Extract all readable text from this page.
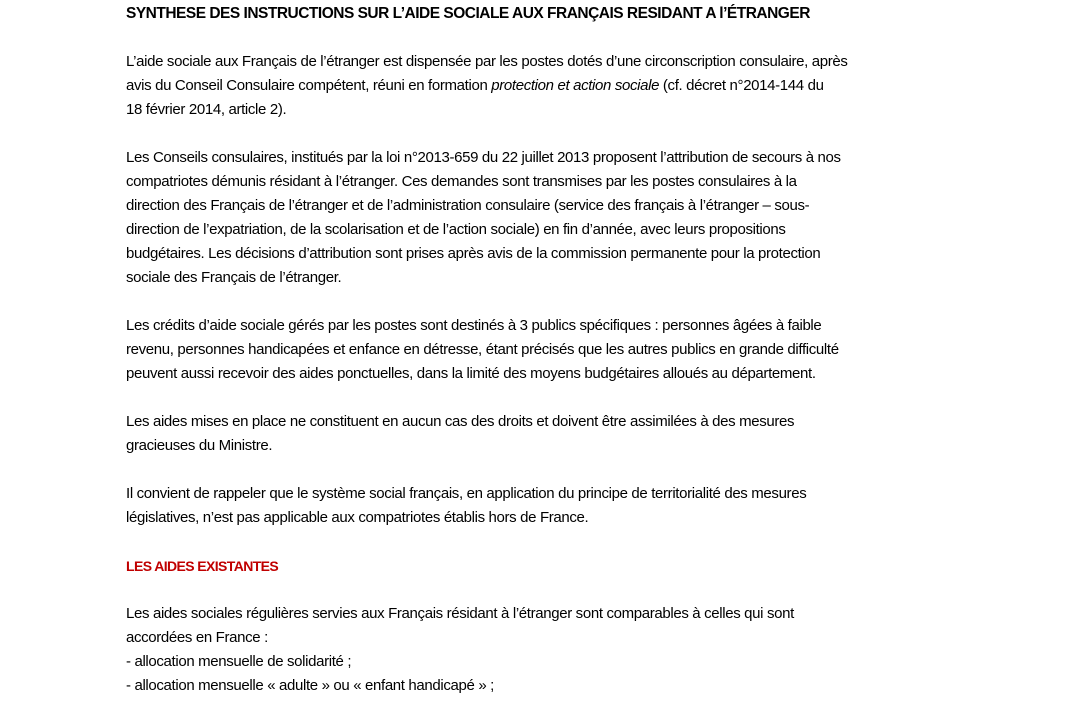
SYNTHESE DES INSTRUCTIONS SUR L’AIDE SOCIALE AUX FRANÇAIS RESIDANT A l’ÉTRANGER
L’aide sociale aux Français de l’étranger est dispensée par les postes dotés d’une circonscription consulaire, après
avis du Conseil Consulaire compétent, réuni en formation protection et action sociale (cf. décret n°2014-144 du
18 février 2014, article 2).
Les Conseils consulaires, institués par la loi n°2013-659 du 22 juillet 2013 proposent l’attribution de secours à nos
compatriotes démunis résidant à l’étranger. Ces demandes sont transmises par les postes consulaires à la
direction des Français de l’étranger et de l’administration consulaire (service des français à l’étranger – sous-
direction de l’expatriation, de la scolarisation et de l’action sociale) en fin d’année, avec leurs propositions
budgétaires. Les décisions d’attribution sont prises après avis de la commission permanente pour la protection
sociale des Français de l’étranger.
Les crédits d’aide sociale gérés par les postes sont destinés à 3 publics spécifiques : personnes âgées à faible
revenu, personnes handicapées et enfance en détresse, étant précisés que les autres publics en grande difficulté
peuvent aussi recevoir des aides ponctuelles, dans la limité des moyens budgétaires alloués au département.
Les aides mises en place ne constituent en aucun cas des droits et doivent être assimilées à des mesures
gracieuses du Ministre.
Il convient de rappeler que le système social français, en application du principe de territorialité des mesures
législatives, n’est pas applicable aux compatriotes établis hors de France.
LES AIDES EXISTANTES
Les aides sociales régulières servies aux Français résidant à l’étranger sont comparables à celles qui sont
accordées en France :
- allocation mensuelle de solidarité ;
- allocation mensuelle « adulte » ou « enfant handicapé » ;
